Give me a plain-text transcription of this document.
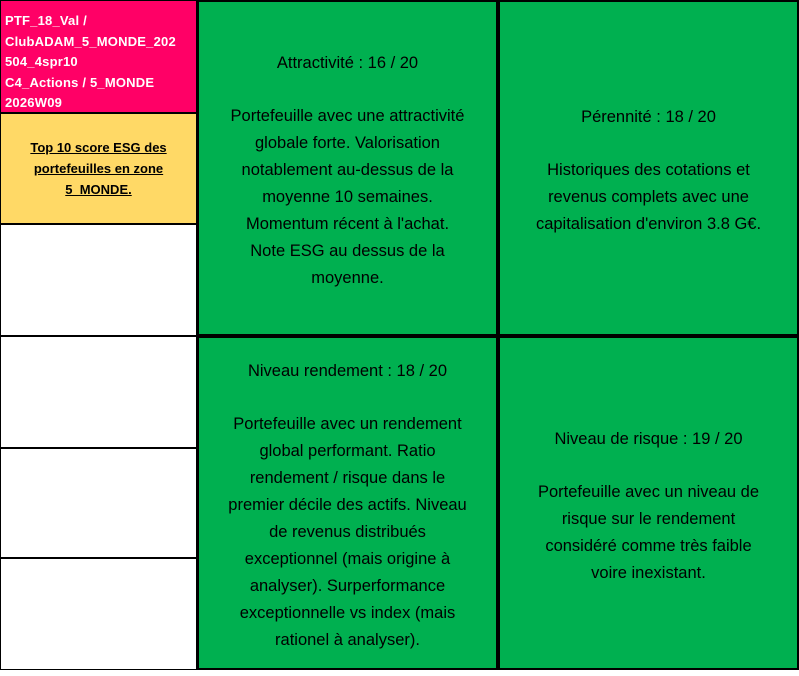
PTF_18_Val /
ClubADAM_5_MONDE_202
504_4spr10
C4_Actions / 5_MONDE
2026W09
Top 10 score ESG des portefeuilles en zone 5_MONDE.
Attractivité : 16 / 20
Portefeuille avec une attractivité
globale forte. Valorisation
notablement au-dessus de la
moyenne 10 semaines.
Momentum récent à l'achat.
Note ESG au dessus de la
moyenne.
Pérennité : 18 / 20
Historiques des cotations et
revenus complets avec une
capitalisation d'environ 3.8 G€.
Niveau rendement : 18 / 20
Portefeuille avec un rendement
global performant. Ratio
rendement / risque dans le
premier décile des actifs. Niveau
de revenus distribués
exceptionnel (mais origine à
analyser). Surperformance
exceptionnelle vs index (mais
rationel à analyser).
Niveau de risque : 19 / 20
Portefeuille avec un niveau de
risque sur le rendement
considéré comme très faible
voire inexistant.
